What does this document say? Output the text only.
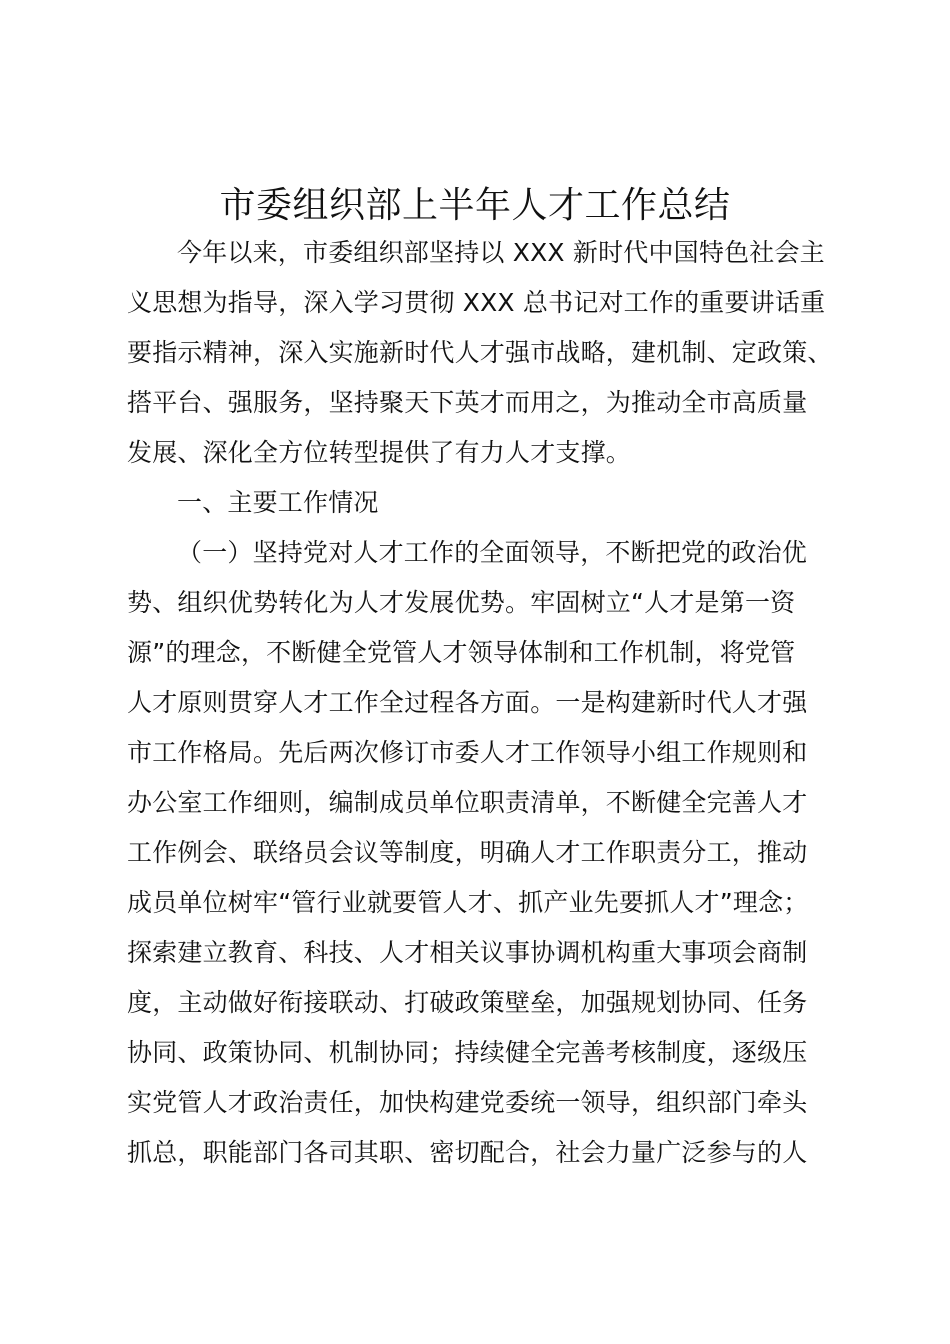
市委组织部上半年人才工作总结
今年以来，市委组织部坚持以 XXX 新时代中国特色社会主
义思想为指导，深入学习贯彻 XXX 总书记对工作的重要讲话重
要指示精神，深入实施新时代人才强市战略，建机制、定政策、
搭平台、强服务，坚持聚天下英才而用之，为推动全市高质量
发展、深化全方位转型提供了有力人才支撑。
一、主要工作情况
（一）坚持党对人才工作的全面领导，不断把党的政治优
势、组织优势转化为人才发展优势。牢固树立“人才是第一资
源”的理念，不断健全党管人才领导体制和工作机制，将党管
人才原则贯穿人才工作全过程各方面。一是构建新时代人才强
市工作格局。先后两次修订市委人才工作领导小组工作规则和
办公室工作细则，编制成员单位职责清单，不断健全完善人才
工作例会、联络员会议等制度，明确人才工作职责分工，推动
成员单位树牢“管行业就要管人才、抓产业先要抓人才”理念；
探索建立教育、科技、人才相关议事协调机构重大事项会商制
度，主动做好衔接联动、打破政策壁垒，加强规划协同、任务
协同、政策协同、机制协同；持续健全完善考核制度，逐级压
实党管人才政治责任，加快构建党委统一领导，组织部门牵头
抓总，职能部门各司其职、密切配合，社会力量广泛参与的人
